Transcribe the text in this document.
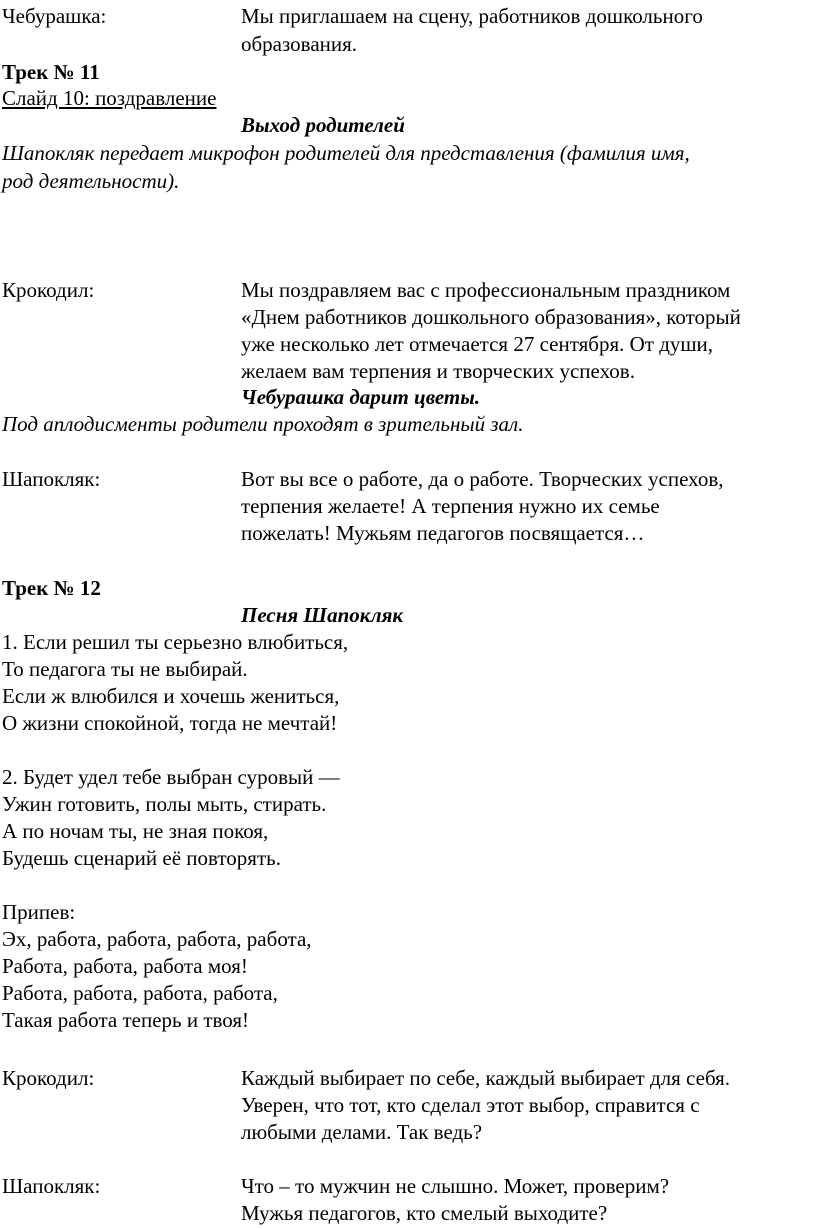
Чебурашка:	Мы приглашаем на сцену, работников дошкольного
образования.
Трек № 11
Слайд 10: поздравление
Выход родителей
Шапокляк передает микрофон родителей для представления (фамилия имя,
род деятельности).
Крокодил:	Мы поздравляем вас с профессиональным праздником
«Днем работников дошкольного образования», который
уже несколько лет отмечается 27 сентября. От души,
желаем вам терпения и творческих успехов.
Чебурашка дарит цветы.
Под аплодисменты родители проходят в зрительный зал.
Шапокляк:	Вот вы все о работе, да о работе. Творческих успехов,
терпения желаете! А терпения нужно их семье
пожелать! Мужьям педагогов посвящается…
Трек № 12
Песня Шапокляк
1. Если решил ты серьезно влюбиться,
То педагога ты не выбирай.
Если ж влюбился и хочешь жениться,
О жизни спокойной, тогда не мечтай!
2. Будет удел тебе выбран суровый —
Ужин готовить, полы мыть, стирать.
А по ночам ты, не зная покоя,
Будешь сценарий её повторять.
Припев:
Эх, работа, работа, работа, работа,
Работа, работа, работа моя!
Работа, работа, работа, работа,
Такая работа теперь и твоя!
Крокодил:	Каждый выбирает по себе, каждый выбирает для себя.
Уверен, что тот, кто сделал этот выбор, справится с
любыми делами. Так ведь?
Шапокляк:	Что – то мужчин не слышно. Может, проверим?
Мужья педагогов, кто смелый выходите?
